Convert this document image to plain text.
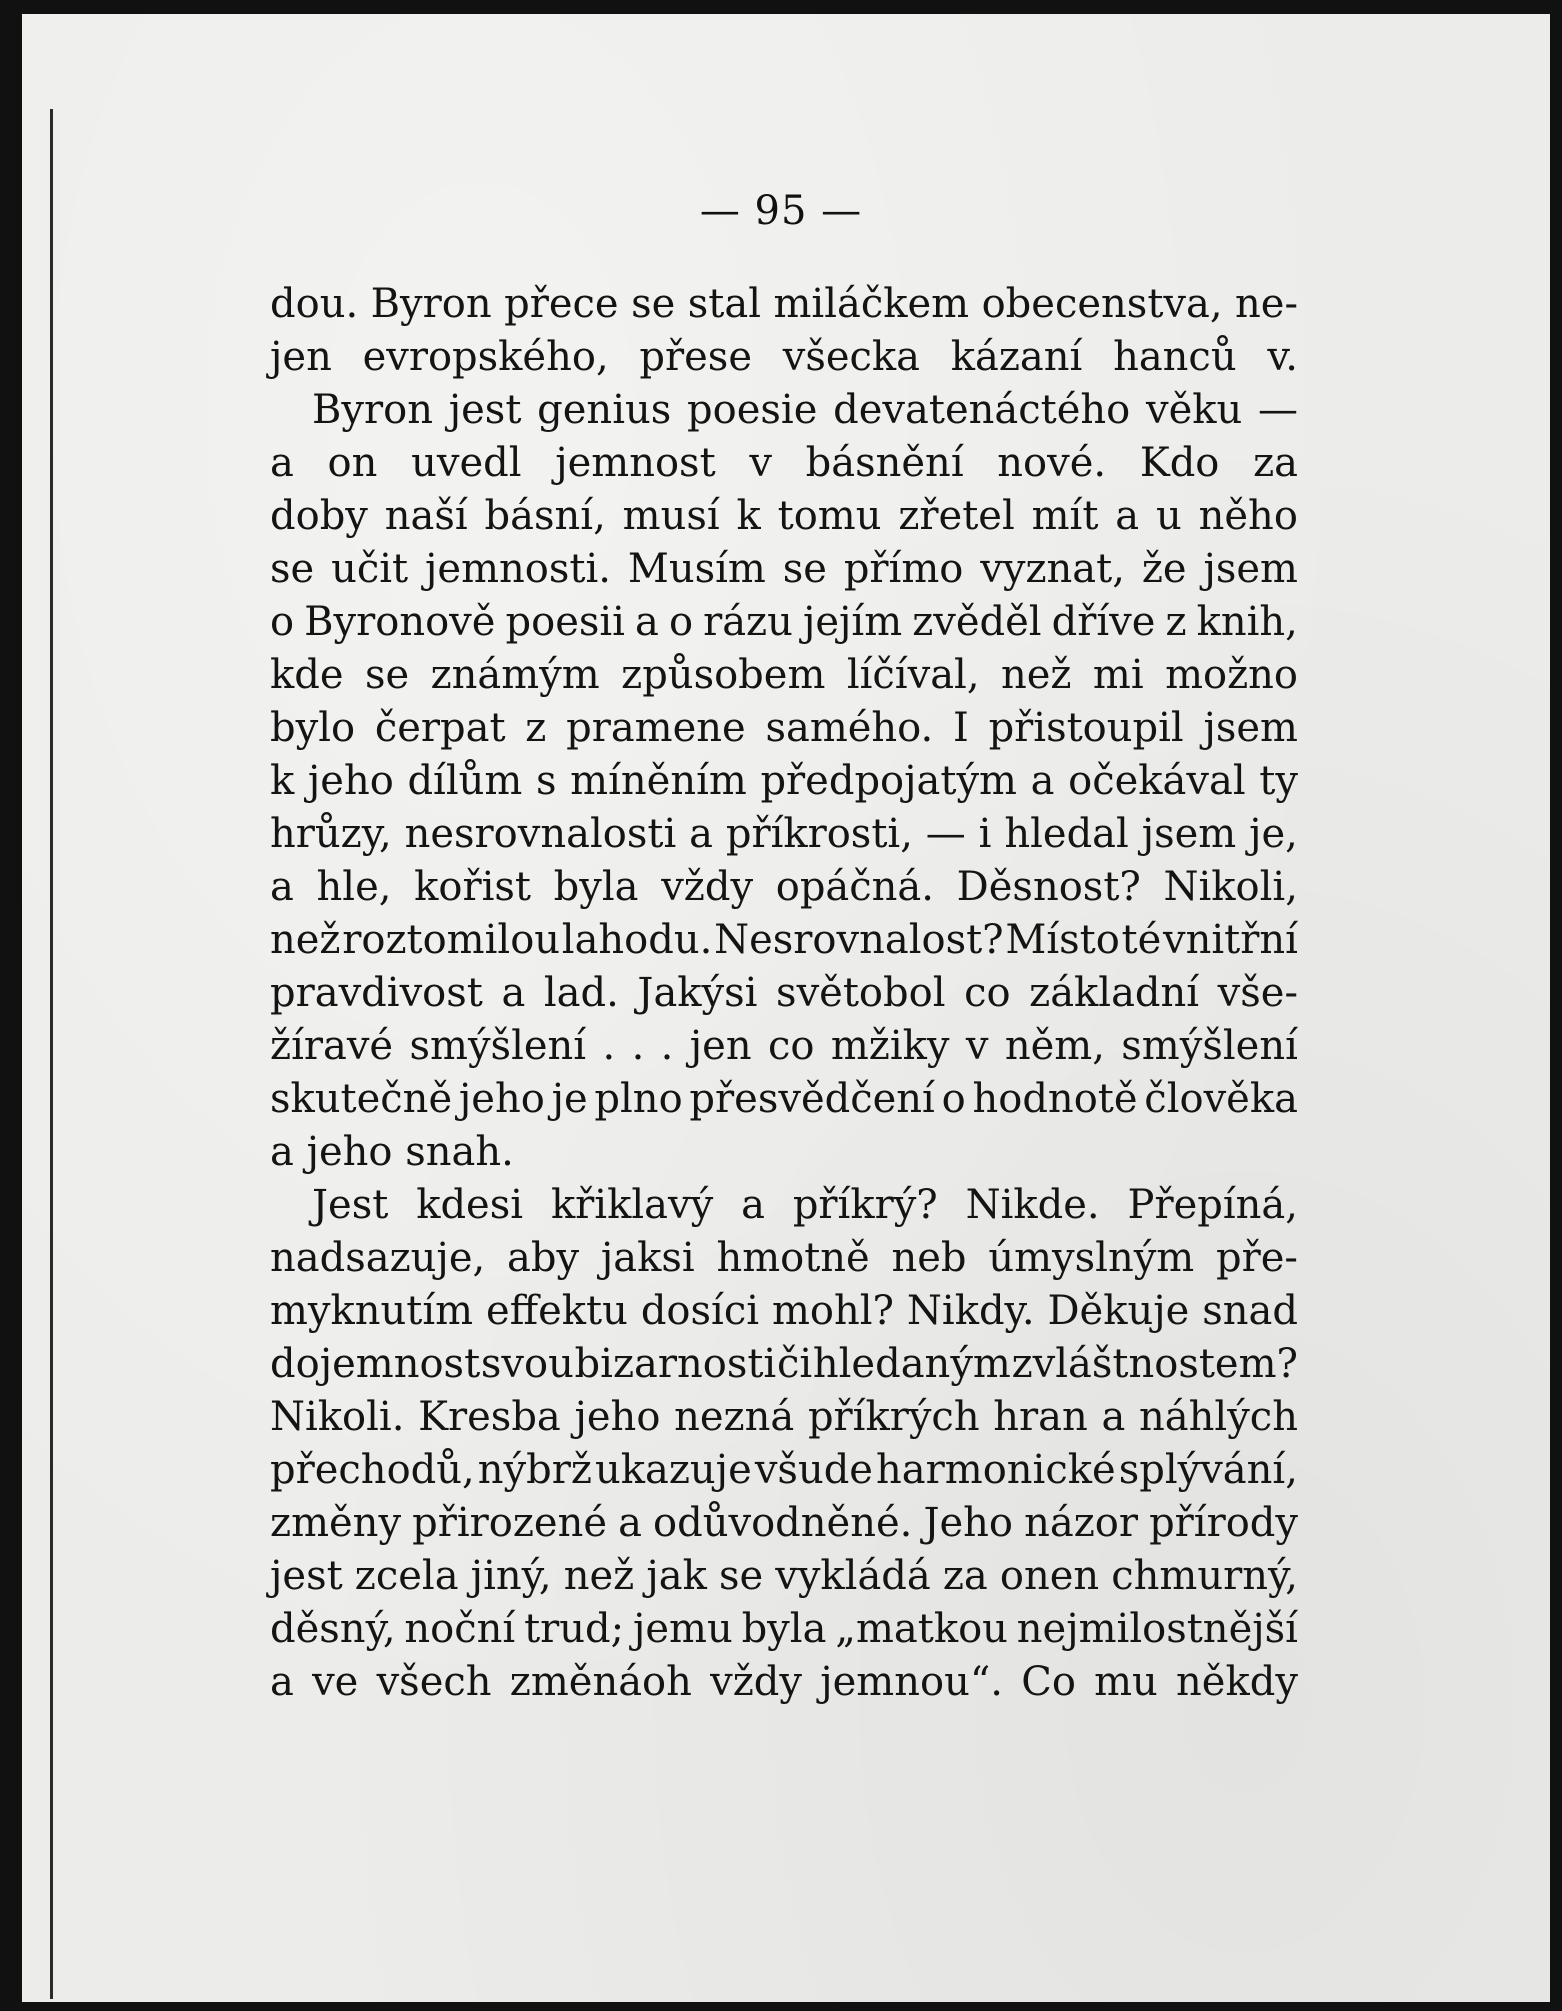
— 95 —
dou. Byron přece se stal miláčkem obecenstva, ne-
jen evropského, přese všecka kázaní hanců v.
Byron jest genius poesie devatenáctého věku —
a on uvedl jemnost v básnění nové. Kdo za
doby naší básní, musí k tomu zřetel mít a u něho
se učit jemnosti. Musím se přímo vyznat, že jsem
o Byronově poesii a o rázu jejím zvěděl dříve z knih,
kde se známým způsobem líčíval, než mi možno
bylo čerpat z pramene samého. I přistoupil jsem
k jeho dílům s míněním předpojatým a očekával ty
hrůzy, nesrovnalosti a příkrosti, — i hledal jsem je,
a hle, kořist byla vždy opáčná. Děsnost? Nikoli,
než roztomilou lahodu. Nesrovnalost? Místo té vnitřní
pravdivost a lad. Jakýsi světobol co základní vše-
žíravé smýšlení . . . jen co mžiky v něm, smýšlení
skutečně jeho je plno přesvědčení o hodnotě člověka
a jeho snah.
Jest kdesi křiklavý a příkrý? Nikde. Přepíná,
nadsazuje, aby jaksi hmotně neb úmyslným pře-
myknutím effektu dosíci mohl? Nikdy. Děkuje snad
dojemnost svou bizarnosti či hledaným zvláštnostem?
Nikoli. Kresba jeho nezná příkrých hran a náhlých
přechodů, nýbrž ukazuje všude harmonické splývání,
změny přirozené a odůvodněné. Jeho názor přírody
jest zcela jiný, než jak se vykládá za onen chmurný,
děsný, noční trud; jemu byla „matkou nejmilostnější
a ve všech změnáoh vždy jemnou“. Co mu někdy
